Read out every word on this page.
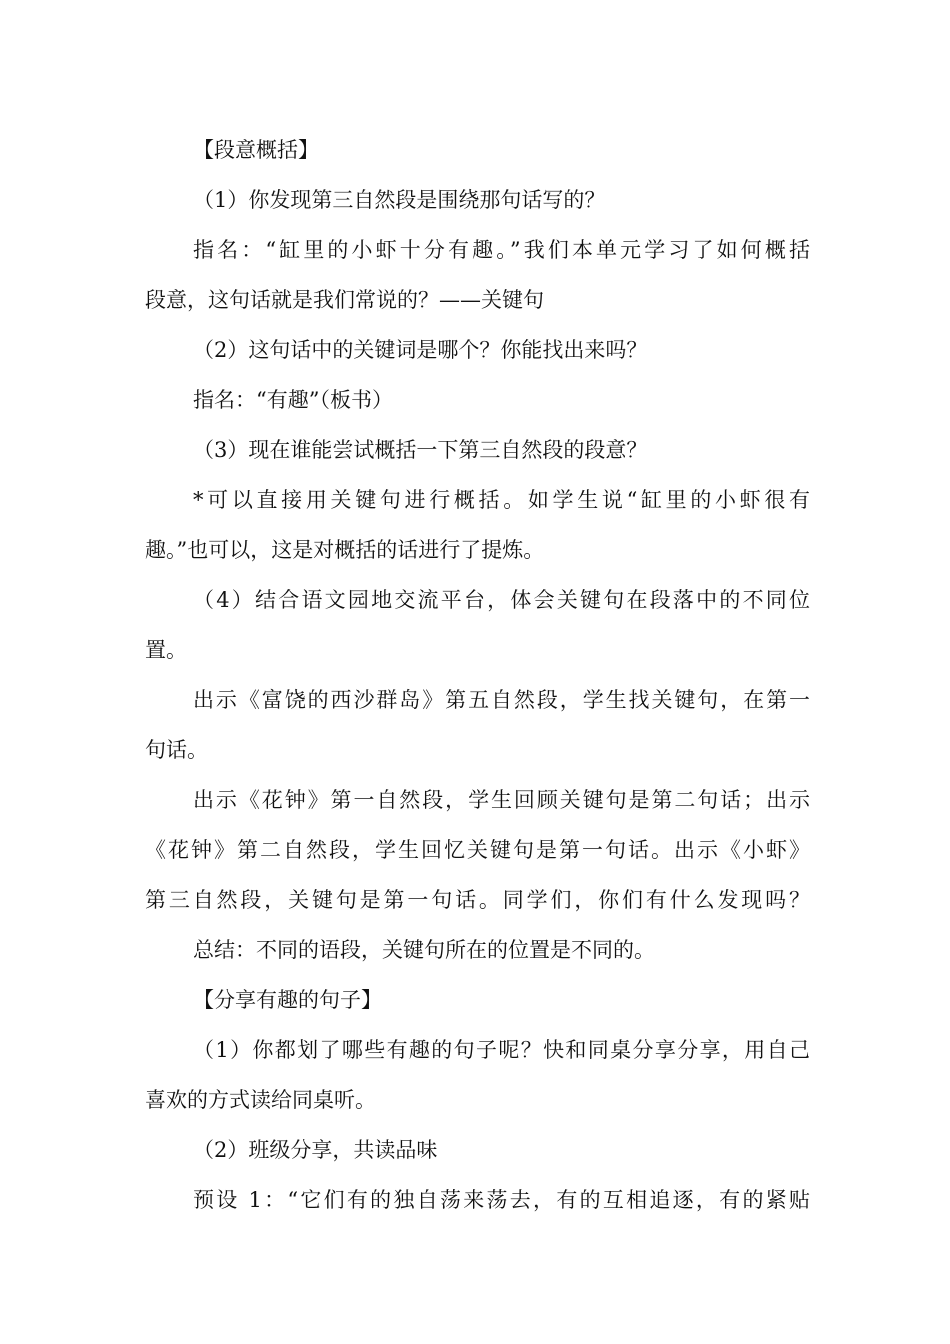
【段意概括】
（1）你发现第三自然段是围绕那句话写的？
指名：“缸里的小虾十分有趣。”我们本单元学习了如何概括
段意，这句话就是我们常说的？——关键句
（2）这句话中的关键词是哪个？你能找出来吗？
指名：“有趣”（板书）
（3）现在谁能尝试概括一下第三自然段的段意？
*可以直接用关键句进行概括。如学生说“缸里的小虾很有
趣。”也可以，这是对概括的话进行了提炼。
（4）结合语文园地交流平台，体会关键句在段落中的不同位
置。
出示《富饶的西沙群岛》第五自然段，学生找关键句，在第一
句话。
出示《花钟》第一自然段，学生回顾关键句是第二句话；出示
《花钟》第二自然段，学生回忆关键句是第一句话。出示《小虾》
第三自然段，关键句是第一句话。同学们，你们有什么发现吗？
总结：不同的语段，关键句所在的位置是不同的。
【分享有趣的句子】
（1）你都划了哪些有趣的句子呢？快和同桌分享分享，用自己
喜欢的方式读给同桌听。
（2）班级分享，共读品味
预设 1：“它们有的独自荡来荡去，有的互相追逐，有的紧贴
